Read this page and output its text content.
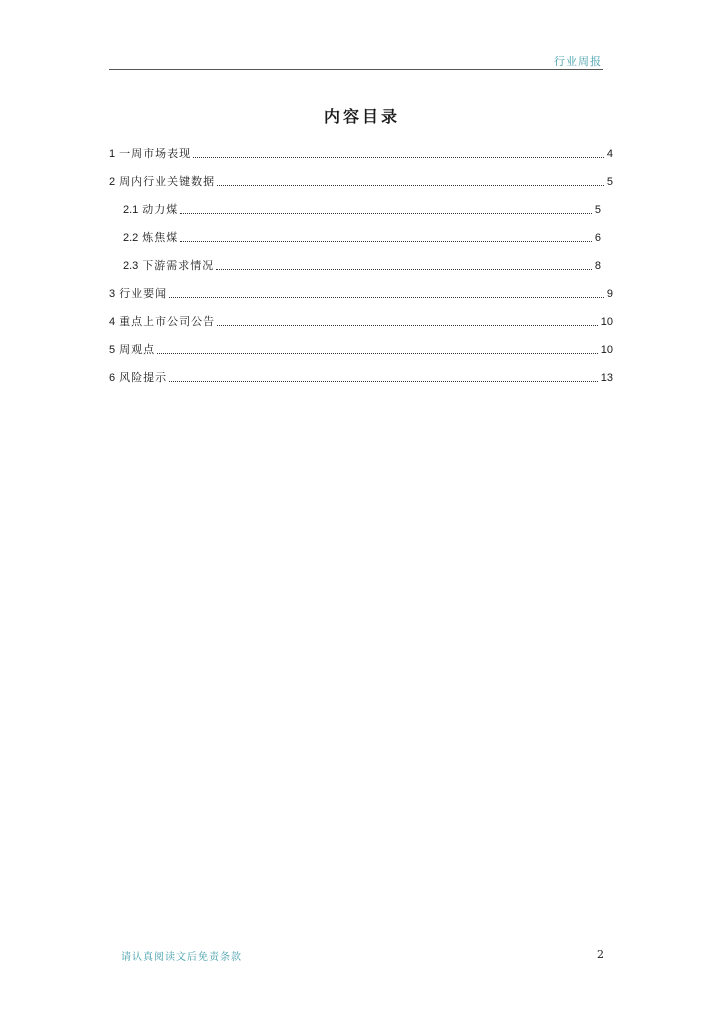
行业周报
内容目录
1 一周市场表现	4
2 周内行业关键数据	5
2.1 动力煤	5
2.2 炼焦煤	6
2.3 下游需求情况	8
3 行业要闻	9
4 重点上市公司公告	10
5 周观点	10
6 风险提示	13
请认真阅读文后免责条款	2
